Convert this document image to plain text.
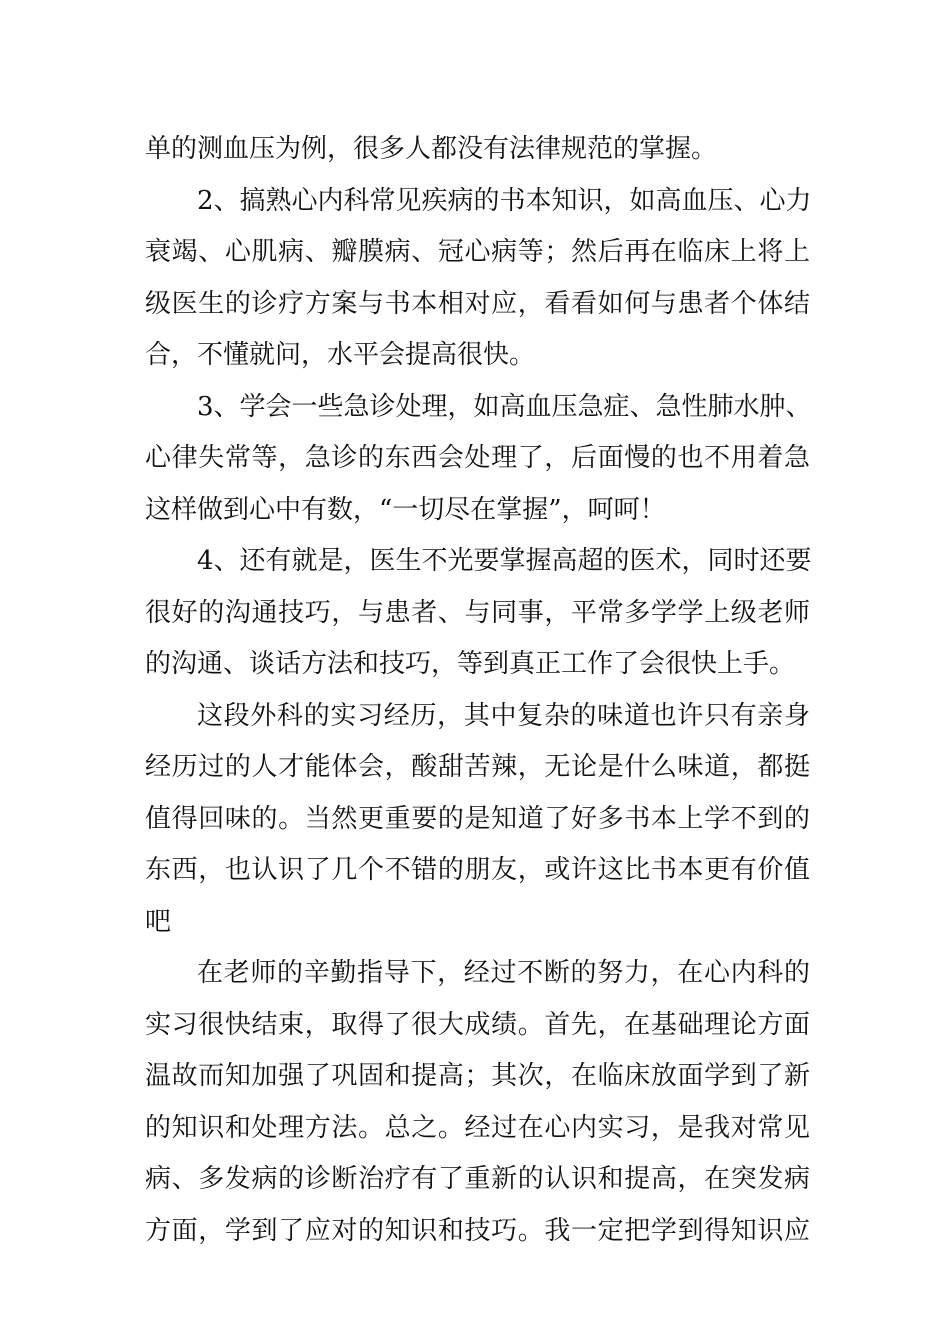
单的测血压为例，很多人都没有法律规范的掌握。
2、搞熟心内科常见疾病的书本知识，如高血压、心力
衰竭、心肌病、瓣膜病、冠心病等；然后再在临床上将上
级医生的诊疗方案与书本相对应，看看如何与患者个体结
合，不懂就问，水平会提高很快。
3、学会一些急诊处理，如高血压急症、急性肺水肿、
心律失常等，急诊的东西会处理了，后面慢的也不用着急
这样做到心中有数，“一切尽在掌握”，呵呵！
4、还有就是，医生不光要掌握高超的医术，同时还要
很好的沟通技巧，与患者、与同事，平常多学学上级老师
的沟通、谈话方法和技巧，等到真正工作了会很快上手。
这段外科的实习经历，其中复杂的味道也许只有亲身
经历过的人才能体会，酸甜苦辣，无论是什么味道，都挺
值得回味的。当然更重要的是知道了好多书本上学不到的
东西，也认识了几个不错的朋友，或许这比书本更有价值
吧
在老师的辛勤指导下，经过不断的努力，在心内科的
实习很快结束，取得了很大成绩。首先，在基础理论方面
温故而知加强了巩固和提高；其次，在临床放面学到了新
的知识和处理方法。总之。经过在心内实习，是我对常见
病、多发病的诊断治疗有了重新的认识和提高，在突发病
方面，学到了应对的知识和技巧。我一定把学到得知识应
